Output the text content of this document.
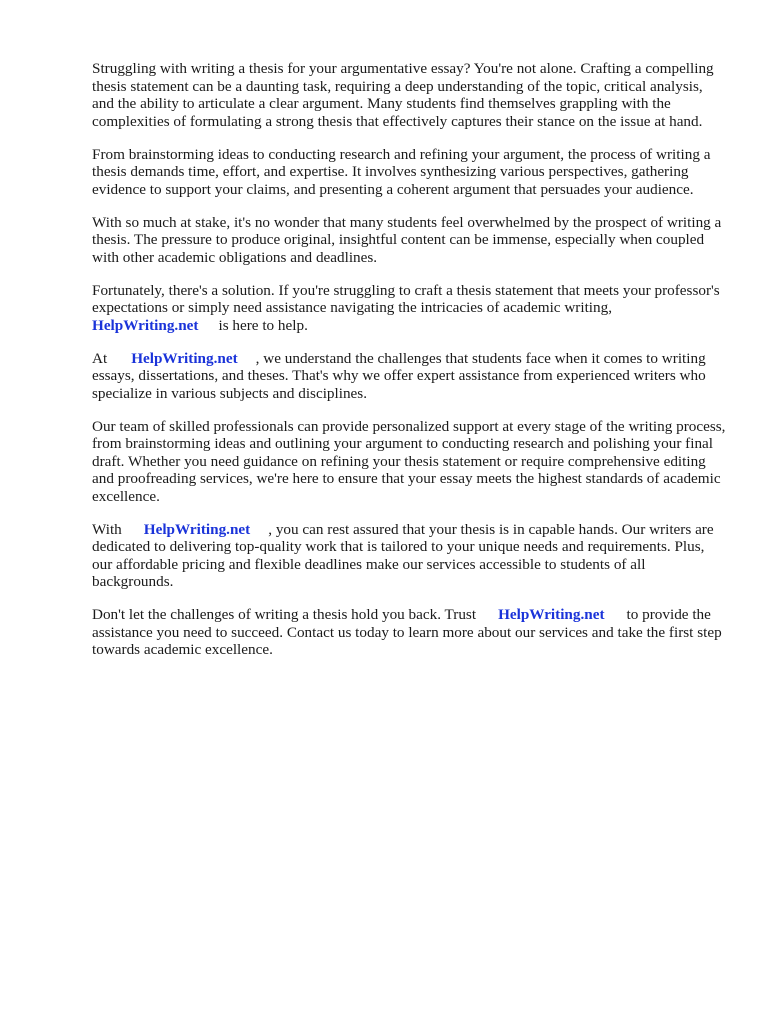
Struggling with writing a thesis for your argumentative essay? You're not alone. Crafting a compelling thesis statement can be a daunting task, requiring a deep understanding of the topic, critical analysis, and the ability to articulate a clear argument. Many students find themselves grappling with the complexities of formulating a strong thesis that effectively captures their stance on the issue at hand.

From brainstorming ideas to conducting research and refining your argument, the process of writing a thesis demands time, effort, and expertise. It involves synthesizing various perspectives, gathering evidence to support your claims, and presenting a coherent argument that persuades your audience.

With so much at stake, it's no wonder that many students feel overwhelmed by the prospect of writing a thesis. The pressure to produce original, insightful content can be immense, especially when coupled with other academic obligations and deadlines.

Fortunately, there's a solution. If you're struggling to craft a thesis statement that meets your professor's expectations or simply need assistance navigating the intricacies of academic writing,
HelpWriting.net is here to help.

At HelpWriting.net , we understand the challenges that students face when it comes to writing essays, dissertations, and theses. That's why we offer expert assistance from experienced writers who specialize in various subjects and disciplines.

Our team of skilled professionals can provide personalized support at every stage of the writing process, from brainstorming ideas and outlining your argument to conducting research and polishing your final draft. Whether you need guidance on refining your thesis statement or require comprehensive editing and proofreading services, we're here to ensure that your essay meets the highest standards of academic excellence.

With HelpWriting.net , you can rest assured that your thesis is in capable hands. Our writers are dedicated to delivering top-quality work that is tailored to your unique needs and requirements. Plus, our affordable pricing and flexible deadlines make our services accessible to students of all backgrounds.

Don't let the challenges of writing a thesis hold you back. Trust HelpWriting.net to provide the assistance you need to succeed. Contact us today to learn more about our services and take the first step towards academic excellence.
